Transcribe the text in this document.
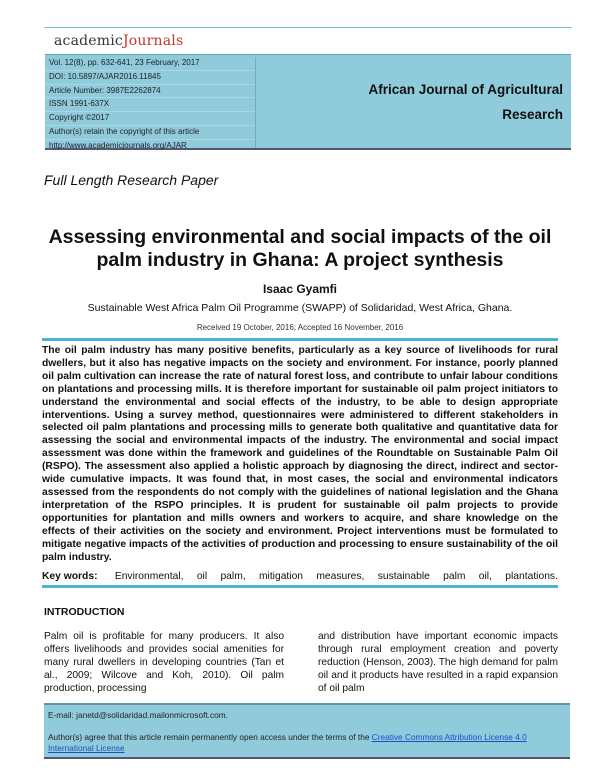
academicJournals
Vol. 12(8), pp. 632-641, 23 February, 2017
DOI: 10.5897/AJAR2016.11845
Article Number: 3987E2262874
ISSN 1991-637X
Copyright ©2017
Author(s) retain the copyright of this article
http://www.academicjournals.org/AJAR
African Journal of Agricultural
Research
Full Length Research Paper
Assessing environmental and social impacts of the oil palm industry in Ghana: A project synthesis
Isaac Gyamfi
Sustainable West Africa Palm Oil Programme (SWAPP) of Solidaridad, West Africa, Ghana.
Received 19 October, 2016; Accepted 16 November, 2016
The oil palm industry has many positive benefits, particularly as a key source of livelihoods for rural dwellers, but it also has negative impacts on the society and environment. For instance, poorly planned oil palm cultivation can increase the rate of natural forest loss, and contribute to unfair labour conditions on plantations and processing mills. It is therefore important for sustainable oil palm project initiators to understand the environmental and social effects of the industry, to be able to design appropriate interventions. Using a survey method, questionnaires were administered to different stakeholders in selected oil palm plantations and processing mills to generate both qualitative and quantitative data for assessing the social and environmental impacts of the industry. The environmental and social impact assessment was done within the framework and guidelines of the Roundtable on Sustainable Palm Oil (RSPO). The assessment also applied a holistic approach by diagnosing the direct, indirect and sector-wide cumulative impacts. It was found that, in most cases, the social and environmental indicators assessed from the respondents do not comply with the guidelines of national legislation and the Ghana interpretation of the RSPO principles. It is prudent for sustainable oil palm projects to provide opportunities for plantation and mills owners and workers to acquire, and share knowledge on the effects of their activities on the society and environment. Project interventions must be formulated to mitigate negative impacts of the activities of production and processing to ensure sustainability of the oil palm industry.
Key words: Environmental, oil palm, mitigation measures, sustainable palm oil, plantations.
INTRODUCTION
Palm oil is profitable for many producers. It also offers livelihoods and provides social amenities for many rural dwellers in developing countries (Tan et al., 2009; Wilcove and Koh, 2010). Oil palm production, processing
and distribution have important economic impacts through rural employment creation and poverty reduction (Henson, 2003). The high demand for palm oil and it products have resulted in a rapid expansion of oil palm
E-mail: janetd@solidaridad.mailonmicrosoft.com.
Author(s) agree that this article remain permanently open access under the terms of the Creative Commons Attribution License 4.0 International License
